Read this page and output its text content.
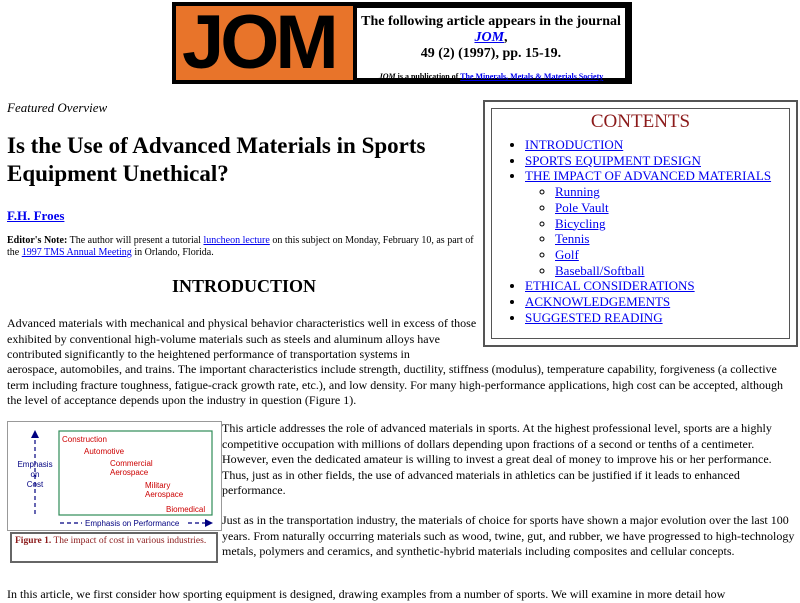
JOM The following article appears in the journal JOM,
49 (2) (1997), pp. 15-19.
JOM is a publication of The Minerals, Metals & Materials Society
Featured Overview
Is the Use of Advanced Materials in Sports Equipment Unethical?
F.H. Froes
Editor's Note: The author will present a tutorial luncheon lecture on this subject on Monday, February 10, as part of the 1997 TMS Annual Meeting in Orlando, Florida.
INTRODUCTION

Advanced materials with mechanical and physical behavior characteristics well in excess of those exhibited by conventional high-volume materials such as steels and aluminum alloys have contributed significantly to the heightened performance of transportation systems in

aerospace, automobiles, and trains. The important characteristics include strength, ductility, stiffness (modulus), temperature capability, forgiveness (a collective term including fracture toughness, fatigue-crack growth rate, etc.), and low density. For many high-performance applications, high cost can be accepted, although the level of acceptance depends upon the industry in question (Figure 1).

CONTENTS
• INTRODUCTION
• SPORTS EQUIPMENT DESIGN
• THE IMPACT OF ADVANCED MATERIALS
◦ Running
◦ Pole Vault
◦ Bicycling
◦ Tennis
◦ Golf
◦ Baseball/Softball
• ETHICAL CONSIDERATIONS
• ACKNOWLEDGEMENTS
• SUGGESTED READING
Emphasis
on
Cost
Construction
Automotive
Commercial
Aerospace
Military
Aerospace
Biomedical
Emphasis on Performance
Figure 1. The impact of cost in various industries.

This article addresses the role of advanced materials in sports. At the highest professional level, sports are a highly competitive occupation with millions of dollars depending upon fractions of a second or tenths of a centimeter. However, even the dedicated amateur is willing to invest a great deal of money to improve his or her performance. Thus, just as in other fields, the use of advanced materials in athletics can be justified if it leads to enhanced performance.

Just as in the transportation industry, the materials of choice for sports have shown a major evolution over the last 100 years. From naturally occurring materials such as wood, twine, gut, and rubber, we have progressed to high-technology metals, polymers and ceramics, and synthetic-hybrid materials including composites and cellular concepts.

In this article, we first consider how sporting equipment is designed, drawing examples from a number of sports. We will examine in more detail how
